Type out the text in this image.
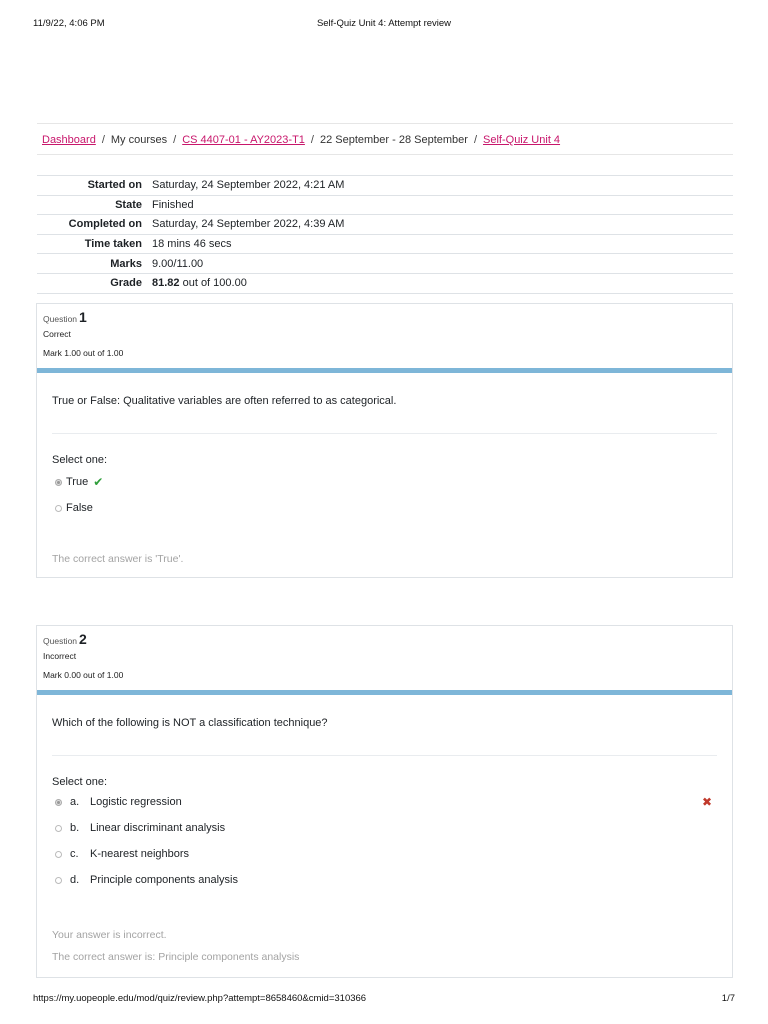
11/9/22, 4:06 PM	Self-Quiz Unit 4: Attempt review
Dashboard / My courses / CS 4407-01 - AY2023-T1 / 22 September - 28 September / Self-Quiz Unit 4
Started on	Saturday, 24 September 2022, 4:21 AM
State	Finished
Completed on	Saturday, 24 September 2022, 4:39 AM
Time taken	18 mins 46 secs
Marks	9.00/11.00
Grade	81.82 out of 100.00
Question 1
Correct
Mark 1.00 out of 1.00
True or False: Qualitative variables are often referred to as categorical.
Select one:
True ✔
False
The correct answer is 'True'.
Question 2
Incorrect
Mark 0.00 out of 1.00
Which of the following is NOT a classification technique?
Select one:
a. Logistic regression	✖
b. Linear discriminant analysis
c.	K-nearest neighbors
d. Principle components analysis
Your answer is incorrect.
The correct answer is: Principle components analysis
https://my.uopeople.edu/mod/quiz/review.php?attempt=8658460&cmid=310366	1/7
